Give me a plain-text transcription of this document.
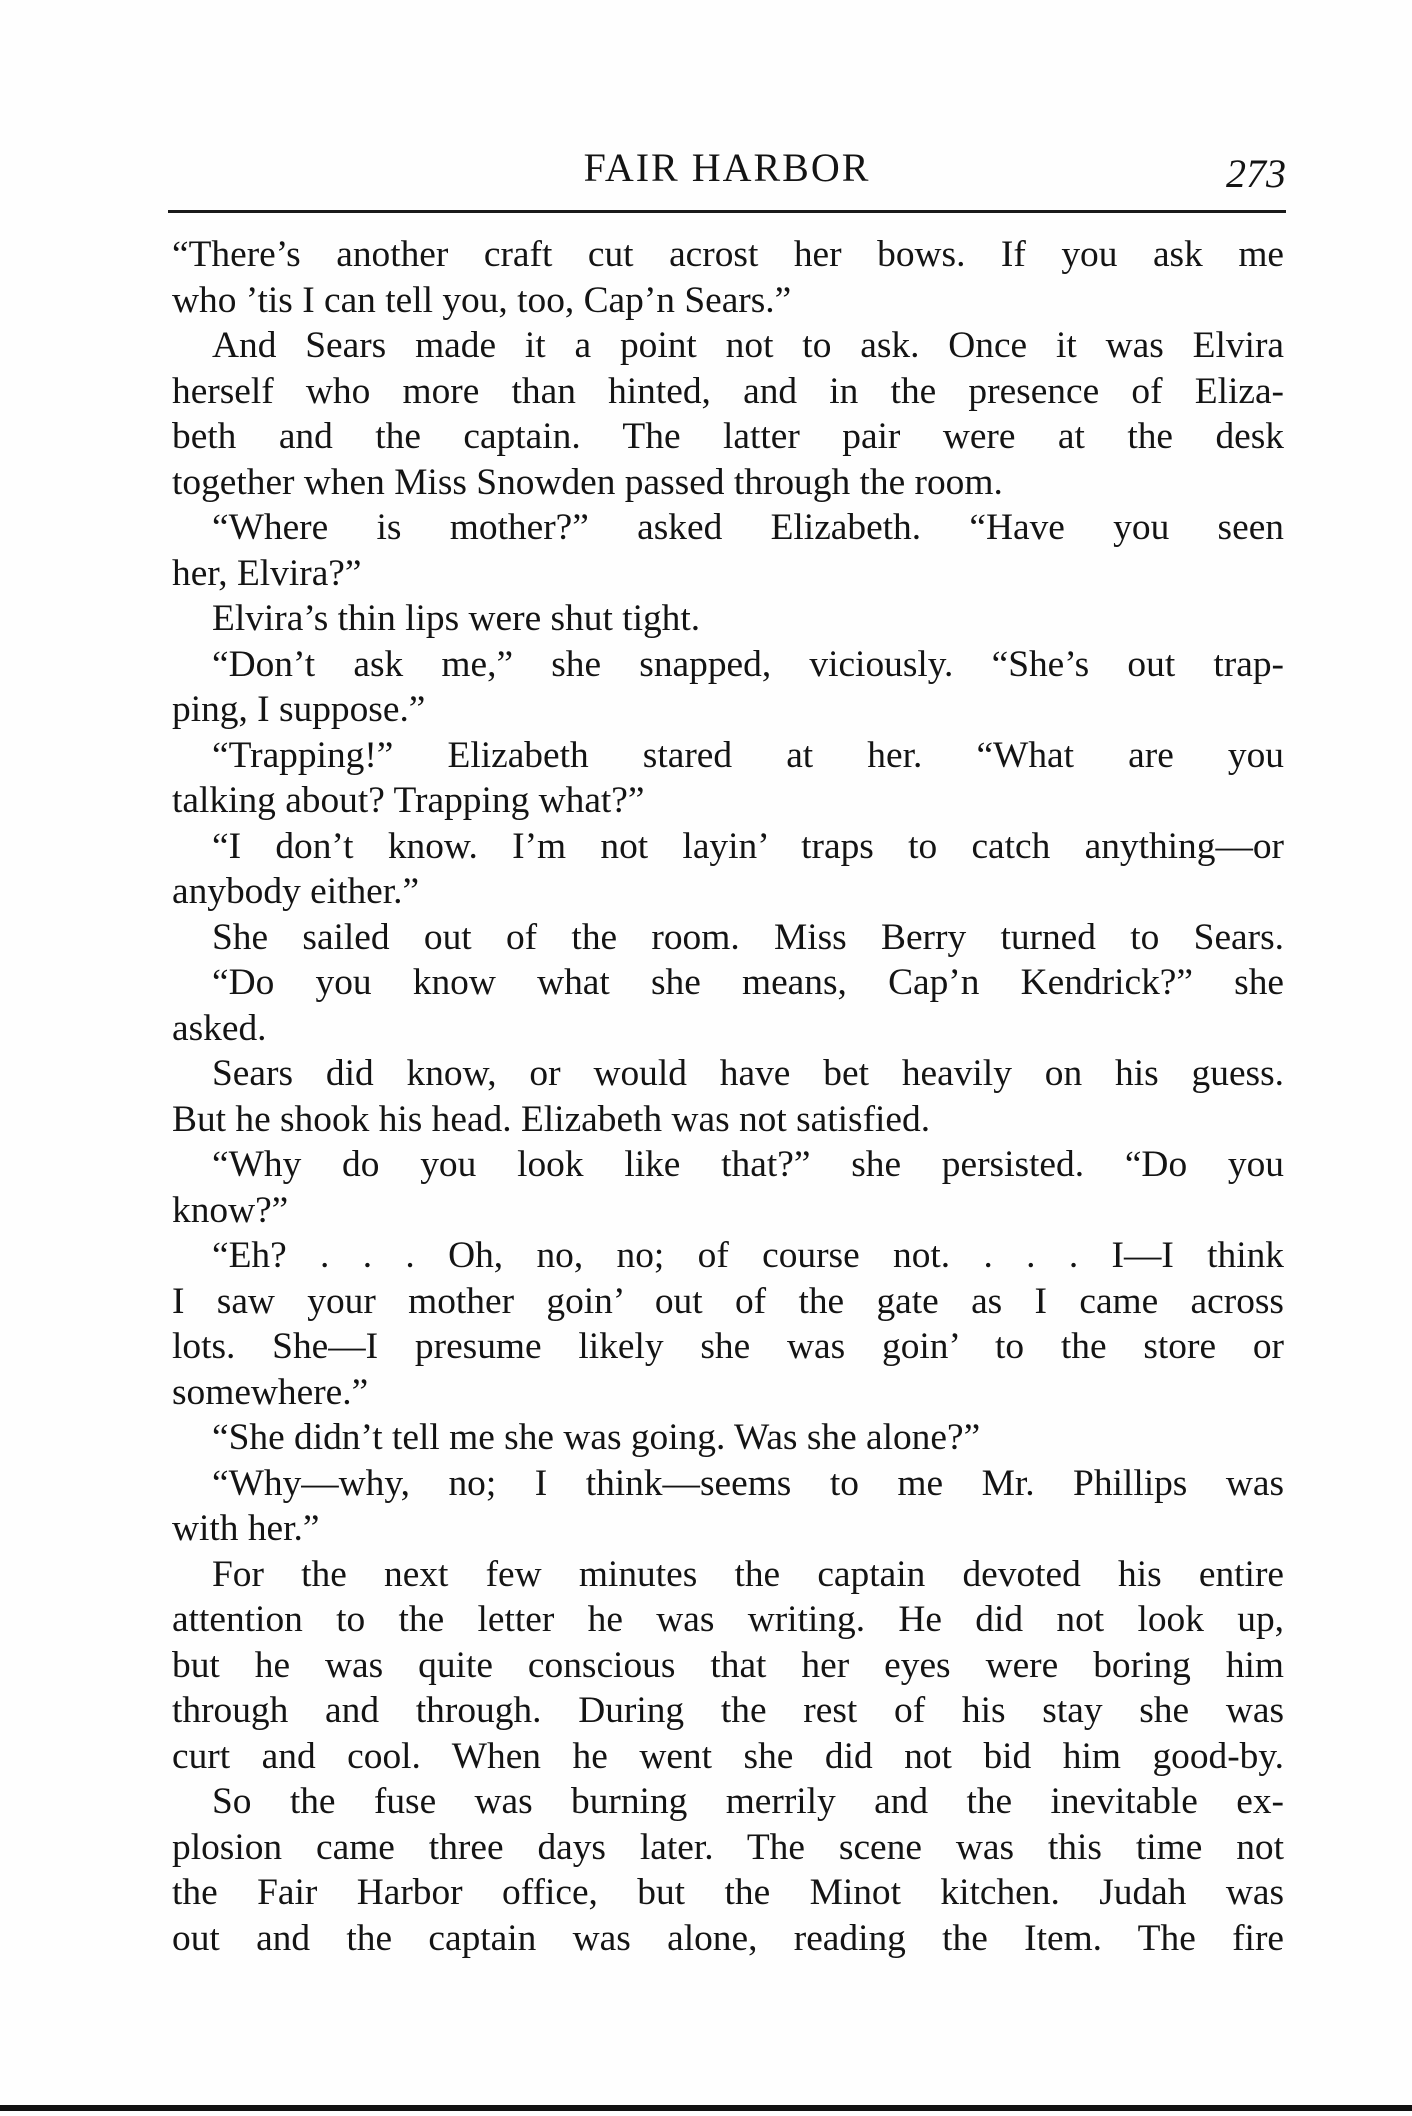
FAIR HARBOR	273
“There’s another craft cut acrost her bows. If you ask me
who ’tis I can tell you, too, Cap’n Sears.”
And Sears made it a point not to ask. Once it was Elvira
herself who more than hinted, and in the presence of Eliza-
beth and the captain. The latter pair were at the desk
together when Miss Snowden passed through the room.
“Where is mother?” asked Elizabeth. “Have you seen
her, Elvira?”
Elvira’s thin lips were shut tight.
“Don’t ask me,” she snapped, viciously. “She’s out trap-
ping, I suppose.”
“Trapping!” Elizabeth stared at her. “What are you
talking about? Trapping what?”
“I don’t know. I’m not layin’ traps to catch anything—or
anybody either.”
She sailed out of the room. Miss Berry turned to Sears.
“Do you know what she means, Cap’n Kendrick?” she
asked.
Sears did know, or would have bet heavily on his guess.
But he shook his head. Elizabeth was not satisfied.
“Why do you look like that?” she persisted. “Do you
know?”
“Eh? . . . Oh, no, no; of course not. . . . I—I think
I saw your mother goin’ out of the gate as I came across
lots. She—I presume likely she was goin’ to the store or
somewhere.”
“She didn’t tell me she was going. Was she alone?”
“Why—why, no; I think—seems to me Mr. Phillips was
with her.”
For the next few minutes the captain devoted his entire
attention to the letter he was writing. He did not look up,
but he was quite conscious that her eyes were boring him
through and through. During the rest of his stay she was
curt and cool. When he went she did not bid him good-by.
So the fuse was burning merrily and the inevitable ex-
plosion came three days later. The scene was this time not
the Fair Harbor office, but the Minot kitchen. Judah was
out and the captain was alone, reading the Item. The fire
